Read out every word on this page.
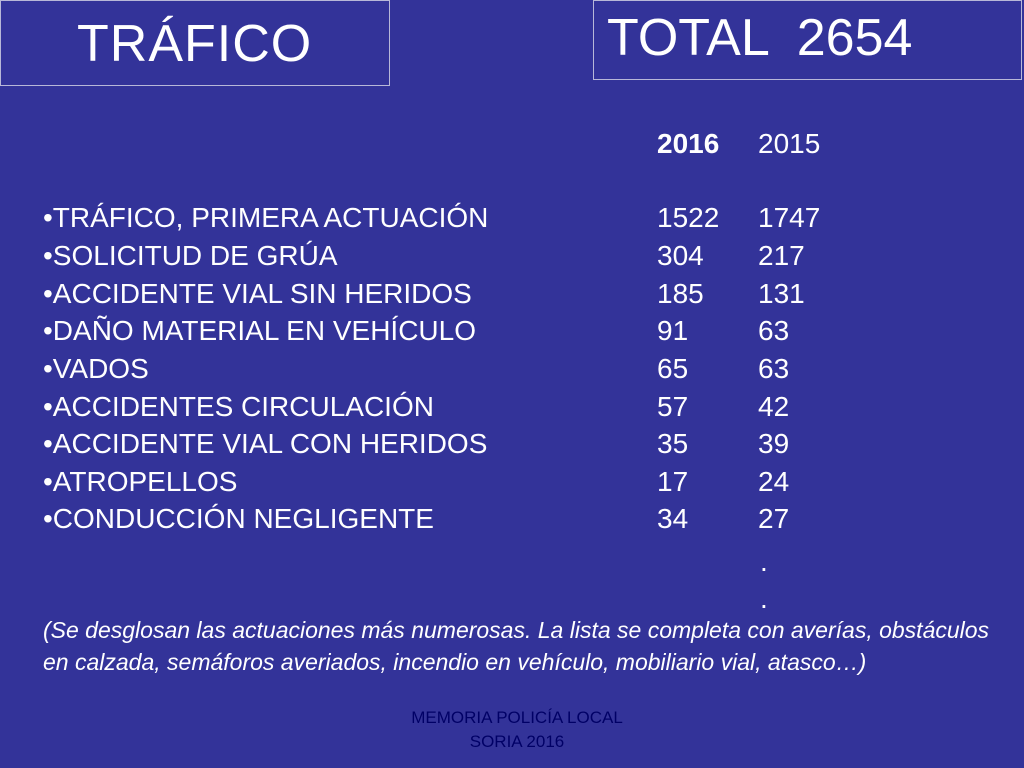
TRÁFICO	TOTAL  2654
2016 2015
•TRÁFICO, PRIMERA ACTUACIÓN	1522 1747
•SOLICITUD DE GRÚA	304 217
•ACCIDENTE VIAL SIN HERIDOS	185 131
•DAÑO MATERIAL EN VEHÍCULO	91 63
•VADOS	65 63
•ACCIDENTES CIRCULACIÓN	57 42
•ACCIDENTE VIAL CON HERIDOS	35 39
•ATROPELLOS	17 24
•CONDUCCIÓN NEGLIGENTE	34 27
.
.
(Se desglosan las actuaciones más numerosas. La lista se completa con averías, obstáculos en calzada, semáforos averiados, incendio en vehículo, mobiliario vial, atasco…)
MEMORIA POLICÍA LOCAL
SORIA 2016
